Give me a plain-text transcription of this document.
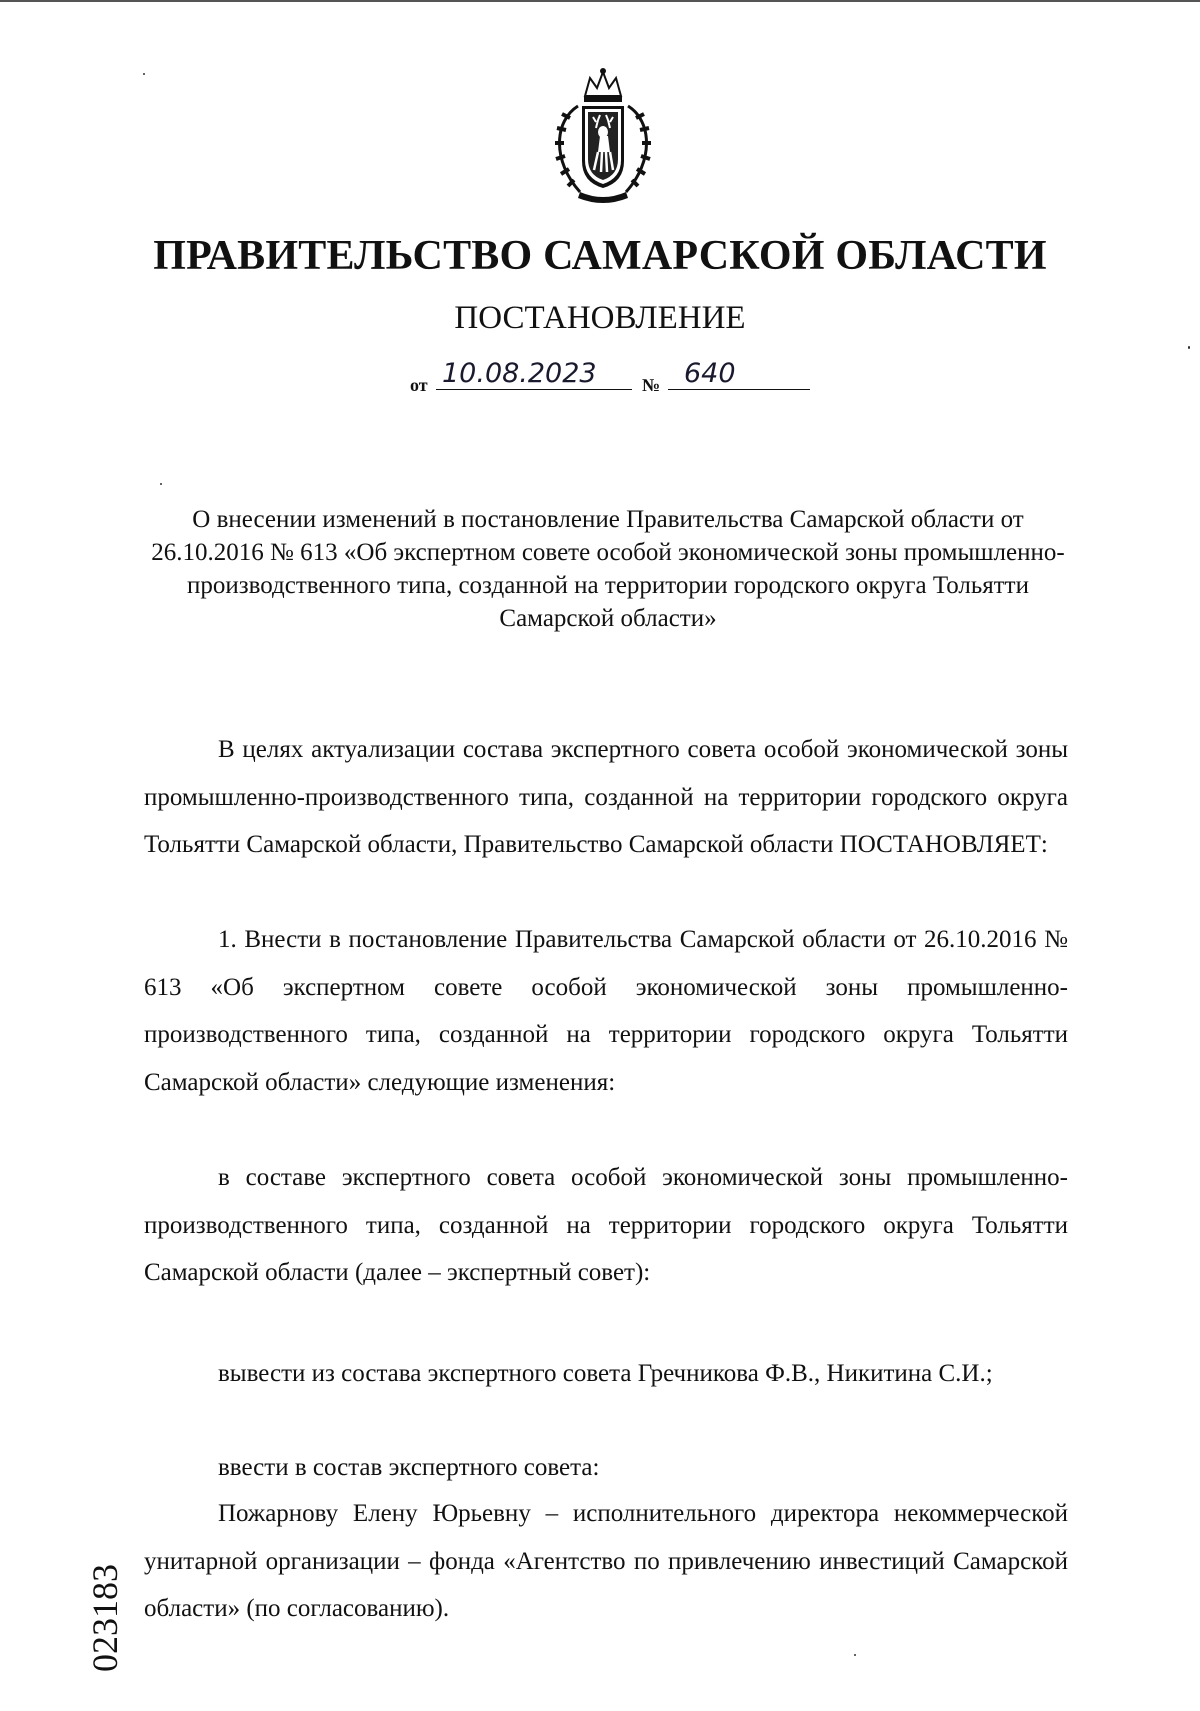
ПРАВИТЕЛЬСТВО САМАРСКОЙ ОБЛАСТИ
ПОСТАНОВЛЕНИЕ
от 10.08.2023	№ 640
О внесении изменений в постановление Правительства Самарской области от 26.10.2016 № 613 «Об экспертном совете особой экономической зоны промышленно-производственного типа, созданной на территории городского округа Тольятти Самарской области»

В целях актуализации состава экспертного совета особой экономической зоны промышленно-производственного типа, созданной на территории городского округа Тольятти Самарской области, Правительство Самарской области ПОСТАНОВЛЯЕТ:

1. Внести в постановление Правительства Самарской области от 26.10.2016 № 613 «Об экспертном совете особой экономической зоны промышленно-производственного типа, созданной на территории городского округа Тольятти Самарской области» следующие изменения:

в составе экспертного совета особой экономической зоны промышленно-производственного типа, созданной на территории городского округа Тольятти Самарской области (далее – экспертный совет):

вывести из состава экспертного совета Гречникова Ф.В., Никитина С.И.;

ввести в состав экспертного совета:

Пожарнову Елену Юрьевну – исполнительного директора некоммерческой унитарной организации – фонда «Агентство по привлечению инвестиций Самарской области» (по согласованию).

023183
